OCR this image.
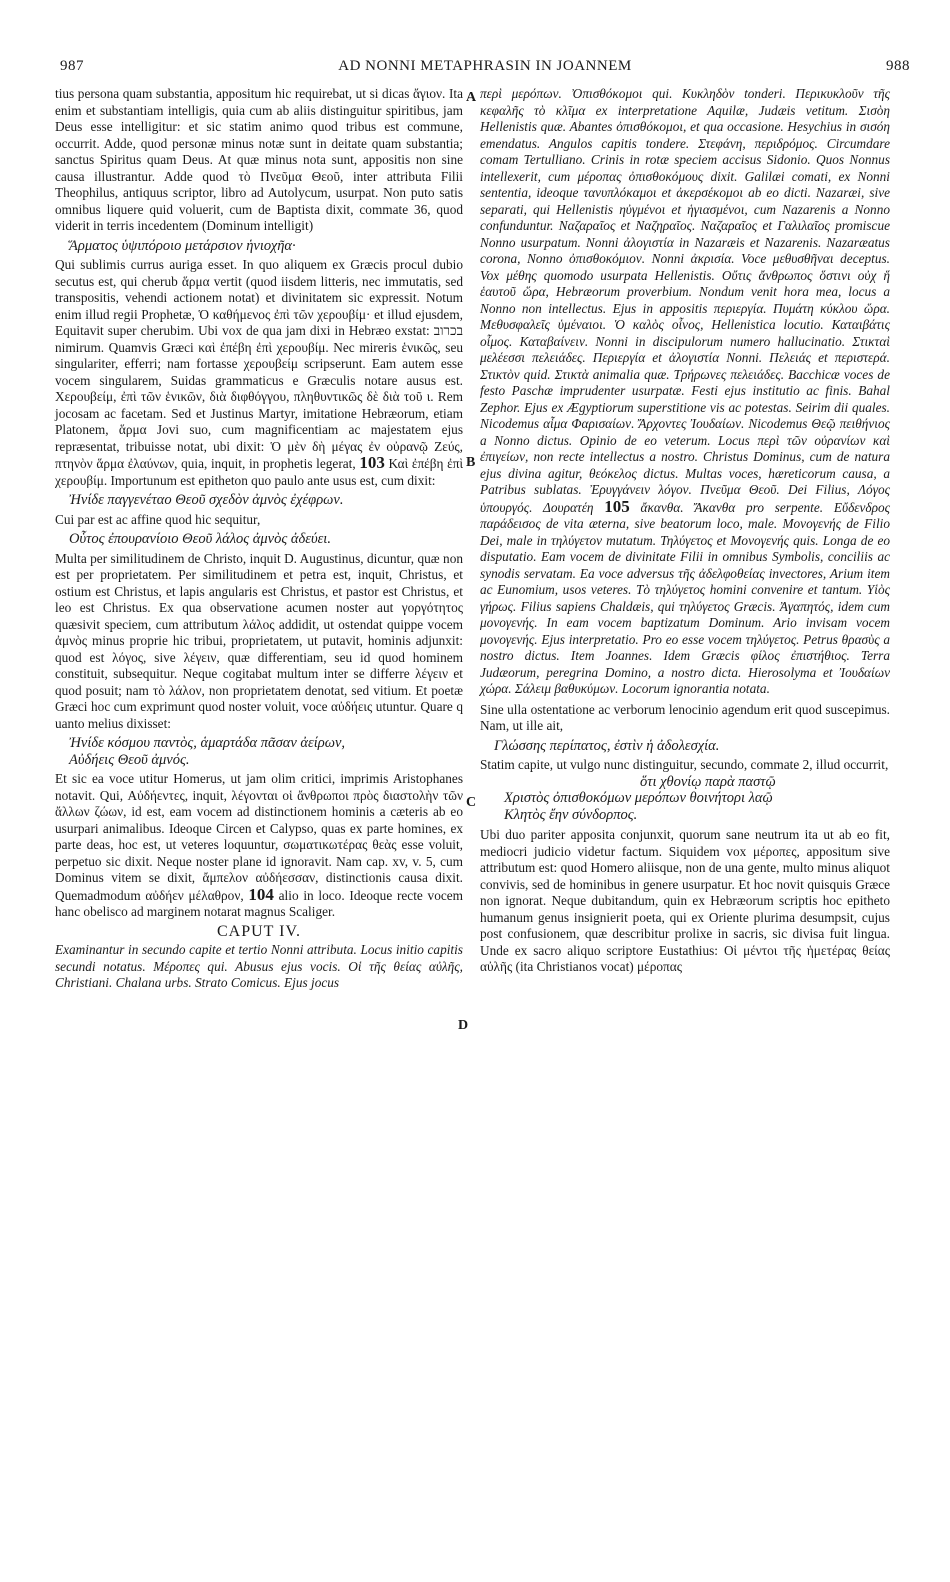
987	AD NONNI METAPHRASIN IN JOANNEM	988
A
B
C
D

tius persona quam substantia, appositum hic requirebat, ut si dicas ἄγιον. Ita enim et substantiam intelligis, quia cum ab aliis distinguitur spiritibus, jam Deus esse intelligitur: et sic statim animo quod tribus est commune, occurrit. Adde, quod personæ minus notæ sunt in deitate quam substantia; sanctus Spiritus quam Deus. At quæ minus nota sunt, appositis non sine causa illustrantur. Adde quod τὸ Πνεῦμα Θεοῦ, inter attributa Filii Theophilus, antiquus scriptor, libro ad Autolycum, usurpat. Non puto satis omnibus liquere quid voluerit, cum de Baptista dixit, commate 36, quod viderit in terris incedentem (Dominum intelligit)

Ἅρματος ὑψιπόροιο μετάρσιον ἡνιοχῆα·

Qui sublimis currus auriga esset. In quo aliquem ex Græcis procul dubio secutus est, qui cherub ἅρμα vertit (quod iisdem litteris, nec immutatis, sed transpositis, vehendi actionem notat) et divinitatem sic expressit. Notum enim illud regii Prophetæ, Ὁ καθήμενος ἐπὶ τῶν χερουβίμ· et illud ejusdem, Equitavit super cherubim. Ubi vox de qua jam dixi in Hebræo exstat: בכרוב nimirum. Quamvis Græci καὶ ἐπέβη ἐπὶ χερουβίμ. Nec mireris ἑνικῶς, seu singulariter, efferri; nam fortasse χερουβείμ scripserunt. Eam autem esse vocem singularem, Suidas grammaticus e Græculis notare ausus est. Χερουβείμ, ἐπὶ τῶν ἑνικῶν, διὰ διφθόγγου, πληθυντικῶς δὲ διὰ τοῦ ι. Rem jocosam ac facetam. Sed et Justinus Martyr, imitatione Hebræorum, etiam Platonem, ἅρμα Jovi suo, cum magnificentiam ac majestatem ejus repræsentat, tribuisse notat, ubi dixit: Ὁ μὲν δὴ μέγας ἐν οὐρανῷ Ζεύς, πτηνὸν ἅρμα ἐλαύνων, quia, inquit, in prophetis legerat, 103 Καὶ ἐπέβη ἐπὶ χερουβίμ. Importunum est epitheton quo paulo ante usus est, cum dixit:

Ἠνίδε παγγενέταο Θεοῦ σχεδὸν ἀμνὸς ἐχέφρων.

Cui par est ac affine quod hic sequitur,

Οὗτος ἐπουρανίοιο Θεοῦ λάλος ἀμνὸς ἀδεύει.

Multa per similitudinem de Christo, inquit D. Augustinus, dicuntur, quæ non est per proprietatem. Per similitudinem et petra est, inquit, Christus, et ostium est Christus, et lapis angularis est Christus, et pastor est Christus, et leo est Christus. Ex qua observatione acumen noster aut γοργότητος quæsivit speciem, cum attributum λάλος addidit, ut ostendat quippe vocem ἀμνὸς minus proprie hic tribui, proprietatem, ut putavit, hominis adjunxit: quod est λόγος, sive λέγειν, quæ differentiam, seu id quod hominem constituit, subsequitur. Neque cogitabat multum inter se differre λέγειν et quod posuit; nam τὸ λάλον, non proprietatem denotat, sed vitium. Et poetæ Græci hoc cum exprimunt quod noster voluit, voce αὐδήεις utuntur. Quare q uanto melius dixisset:

Ἠνίδε κόσμου παντὸς, ἁμαρτάδα πᾶσαν ἀείρων,

Αὐδήεις Θεοῦ ἀμνός.

Et sic ea voce utitur Homerus, ut jam olim critici, imprimis Aristophanes notavit. Qui, Αὐδήεντες, inquit, λέγονται οἱ ἄνθρωποι πρὸς διαστολὴν τῶν ἄλλων ζώων, id est, eam vocem ad distinctionem hominis a cæteris ab eo usurpari animalibus. Ideoque Circen et Calypso, quas ex parte homines, ex parte deas, hoc est, ut veteres loquuntur, σωματικωτέρας θεὰς esse voluit, perpetuo sic dixit. Neque noster plane id ignoravit. Nam cap. xv, v. 5, cum Dominus vitem se dixit, ἄμπελον αὐδήεσσαν, distinctionis causa dixit. Quemadmodum αὐδήεν μέλαθρον, 104 alio in loco. Ideoque recte vocem hanc obelisco ad marginem notarat magnus Scaliger.

CAPUT IV.

Examinantur in secundo capite et tertio Nonni attributa. Locus initio capitis secundi notatus. Μέροπες qui. Abusus ejus vocis. Οἱ τῆς θείας αὐλῆς, Christiani. Chalana urbs. Strato Comicus. Ejus jocus

περὶ μερόπων. Ὀπισθόκομοι qui. Κυκληδὸν tonderi. Περικυκλοῦν τῆς κεφαλῆς τὸ κλῖμα ex interpretatione Aquilæ, Judæis vetitum. Σισὸη Hellenistis quæ. Abantes ὀπισθόκομοι, et qua occasione. Hesychius in σισόη emendatus. Angulos capitis tondere. Στεφάνη, περιδρόμος. Circumdare comam Tertulliano. Crinis in rotæ speciem accisus Sidonio. Quos Nonnus intellexerit, cum μέροπας ὀπισθοκόμους dixit. Galilæi comati, ex Nonni sententia, ideoque τανυπλόκαμοι et ἀκερσέκομοι ab eo dicti. Nazaræi, sive separati, qui Hellenistis ηὐγμένοι et ἡγιασμένοι, cum Nazarenis a Nonno confunduntur. Ναζαραῖος et Ναζηραῖος. Ναζαραῖος et Γαλιλαῖος promiscue Nonno usurpatum. Nonni ἀλογιστία in Nazaræis et Nazarenis. Nazaræatus corona, Nonno ὀπισθοκόμιον. Nonni ἀκρισία. Voce μεθυσθῆναι deceptus. Vox μέθης quomodo usurpata Hellenistis. Οὔτις ἄνθρωπος ὅστινι οὐχ ἥ ἑαυτοῦ ὥρα, Hebræorum proverbium. Nondum venit hora mea, locus a Nonno non intellectus. Ejus in appositis περιεργία. Πυμάτη κύκλου ὥρα. Μεθυσφαλεῖς ὑμέναιοι. Ὁ καλὸς οἶνος, Hellenistica locutio. Καταιβάτις οἶμος. Καταβαίνειν. Nonni in discipulorum numero hallucinatio. Στικταὶ μελέεσσι πελειάδες. Περιεργία et ἀλογιστία Nonni. Πελειάς et περιστερά. Στικτὸν quid. Στικτὰ animalia quæ. Τρήρωνες πελειάδες. Bacchicæ voces de festo Paschæ imprudenter usurpatæ. Festi ejus institutio ac finis. Bahal Zephor. Ejus ex Ægyptiorum superstitione vis ac potestas. Seirim dii quales. Nicodemus αἷμα Φαρισαίων. Ἄρχοντες Ἰουδαίων. Nicodemus Θεῷ πειθήνιος a Nonno dictus. Opinio de eo veterum. Locus περὶ τῶν οὐρανίων καὶ ἐπιγείων, non recte intellectus a nostro. Christus Dominus, cum de natura ejus divina agitur, θεόκελος dictus. Multas voces, hæreticorum causa, a Patribus sublatas. Ἐρυγγάνειν λόγον. Πνεῦμα Θεοῦ. Dei Filius, Λόγος ὑπουργός. Δουρατέη 105 ἄκανθα. Ἄκανθα pro serpente. Εὔδενδρος παράδεισος de vita æterna, sive beatorum loco, male. Μονογενής de Filio Dei, male in τηλύγετον mutatum. Τηλύγετος et Μονογενής quis. Longa de eo disputatio. Eam vocem de divinitate Filii in omnibus Symbolis, conciliis ac synodis servatam. Ea voce adversus τῆς ἀδελφοθείας invectores, Arium item ac Eunomium, usos veteres. Τὸ τηλύγετος homini convenire et tantum. Υἱὸς γήρως. Filius sapiens Chaldæis, qui τηλύγετος Græcis. Ἀγαπητός, idem cum μονογενής. In eam vocem baptizatum Dominum. Ario invisam vocem μονογενής. Ejus interpretatio. Pro eo esse vocem τηλύγετος. Petrus θρασὺς a nostro dictus. Item Joannes. Idem Græcis φίλος ἐπιστήθιος. Terra Judæorum, peregrina Domino, a nostro dicta. Hierosolyma et Ἰουδαίων χώρα. Σάλειμ βαθυκύμων. Locorum ignorantia notata.

Sine ulla ostentatione ac verborum lenocinio agendum erit quod suscepimus. Nam, ut ille ait,

Γλώσσης περίπατος, ἐστὶν ἡ ἀδολεσχία.

Statim capite, ut vulgo nunc distinguitur, secundo, commate 2, illud occurrit,

ὅτι χθονίῳ παρὰ παστῷ

Χριστὸς ὀπισθοκόμων μερόπων θοινήτορι λαῷ

Κλητὸς ἔην σύνδορπος.

Ubi duo pariter apposita conjunxit, quorum sane neutrum ita ut ab eo fit, mediocri judicio videtur factum. Siquidem vox μέροπες, appositum sive attributum est: quod Homero aliisque, non de una gente, multo minus aliquot convivis, sed de hominibus in genere usurpatur. Et hoc novit quisquis Græce non ignorat. Neque dubitandum, quin ex Hebræorum scriptis hoc epitheto humanum genus insignierit poeta, qui ex Oriente plurima desumpsit, cujus post confusionem, quæ describitur prolixe in sacris, sic divisa fuit lingua. Unde ex sacro aliquo scriptore Eustathius: Οἱ μέντοι τῆς ἡμετέρας θείας αὐλῆς (ita Christianos vocat) μέροπας
